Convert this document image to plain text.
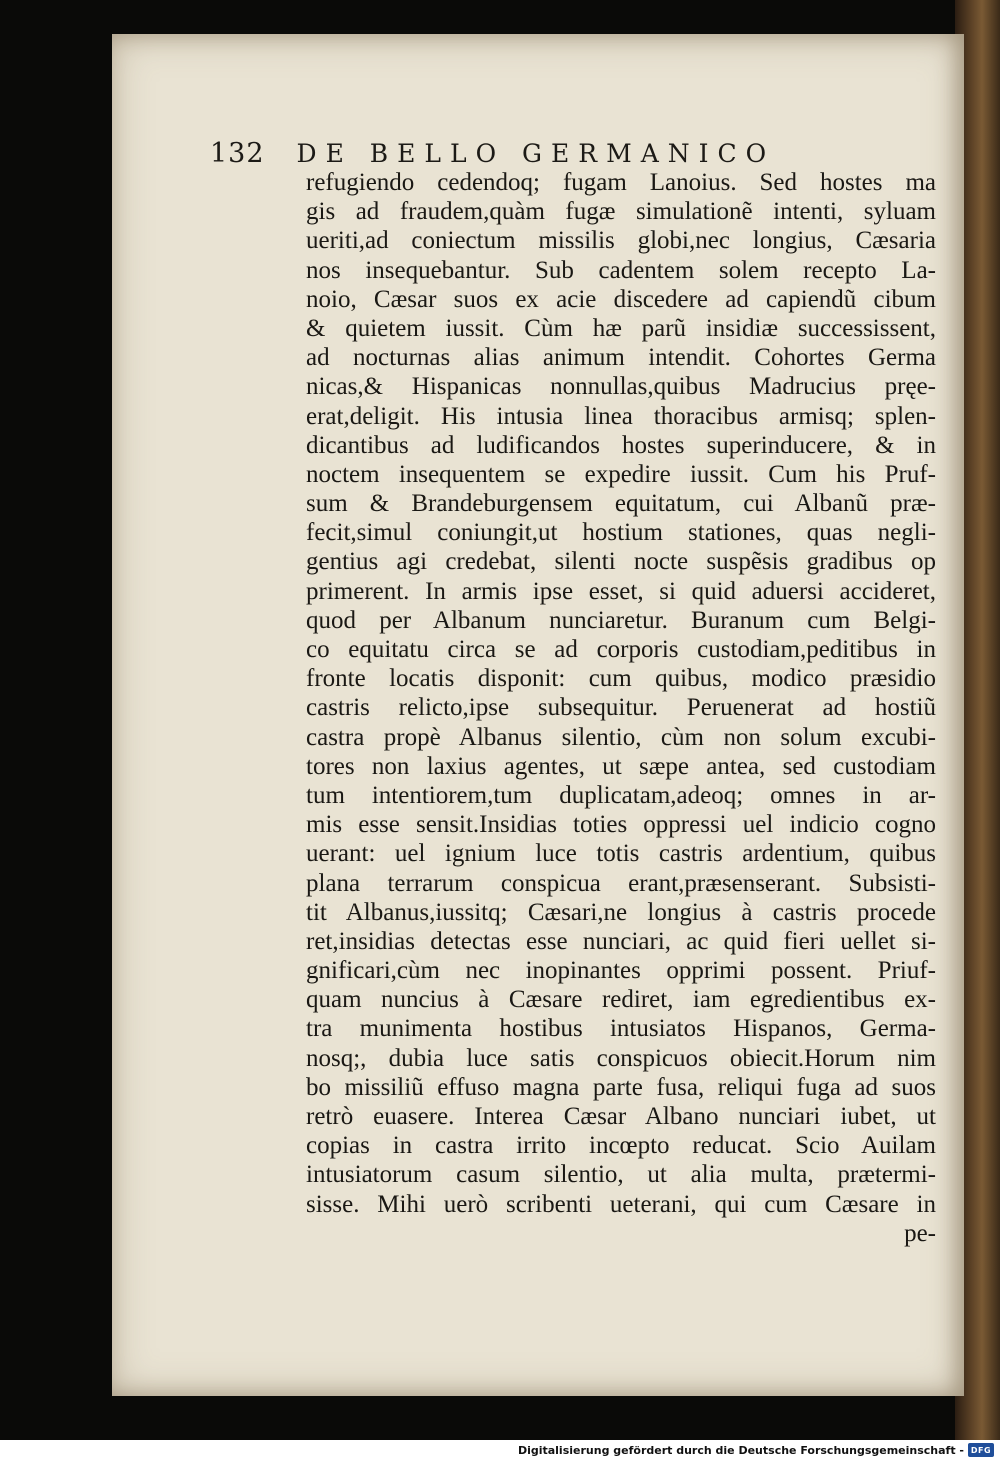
132 DE BELLO GERMANICO
refugiendo cedendoq; fugam Lanoius. Sed hostes ma
gis ad fraudem,quàm fugæ simulationẽ intenti, syluam
ueriti,ad coniectum missilis globi,nec longius, Cæsaria
nos insequebantur. Sub cadentem solem recepto La-
noio, Cæsar suos ex acie discedere ad capiendũ cibum
& quietem iussit. Cùm hæ parũ insidiæ successissent,
ad nocturnas alias animum intendit. Cohortes Germa
nicas,& Hispanicas nonnullas,quibus Madrucius pręe-
erat,deligit. His intusia linea thoracibus armisq; splen-
dicantibus ad ludificandos hostes superinducere, & in
noctem insequentem se expedire iussit. Cum his Pruf-
sum & Brandeburgensem equitatum, cui Albanũ præ-
fecit,simul coniungit,ut hostium stationes, quas negli-
gentius agi credebat, silenti nocte suspẽsis gradibus op
primerent. In armis ipse esset, si quid aduersi accideret,
quod per Albanum nunciaretur. Buranum cum Belgi-
co equitatu circa se ad corporis custodiam,peditibus in
fronte locatis disponit: cum quibus, modico præsidio
castris relicto,ipse subsequitur. Peruenerat ad hostiũ
castra propè Albanus silentio, cùm non solum excubi-
tores non laxius agentes, ut sæpe antea, sed custodiam
tum intentiorem,tum duplicatam,adeoq; omnes in ar-
mis esse sensit.Insidias toties oppressi uel indicio cogno
uerant: uel ignium luce totis castris ardentium, quibus
plana terrarum conspicua erant,præsenserant. Subsisti-
tit Albanus,iussitq; Cæsari,ne longius à castris procede
ret,insidias detectas esse nunciari, ac quid fieri uellet si-
gnificari,cùm nec inopinantes opprimi possent. Priuf-
quam nuncius à Cæsare rediret, iam egredientibus ex-
tra munimenta hostibus intusiatos Hispanos, Germa-
nosq;, dubia luce satis conspicuos obiecit.Horum nim
bo missiliũ effuso magna parte fusa, reliqui fuga ad suos
retrò euasere. Interea Cæsar Albano nunciari iubet, ut
copias in castra irrito incœpto reducat. Scio Auilam
intusiatorum casum silentio, ut alia multa, prætermi-
sisse. Mihi uerò scribenti ueterani, qui cum Cæsare in
pe-
Digitalisierung gefördert durch die Deutsche Forschungsgemeinschaft - DFG
